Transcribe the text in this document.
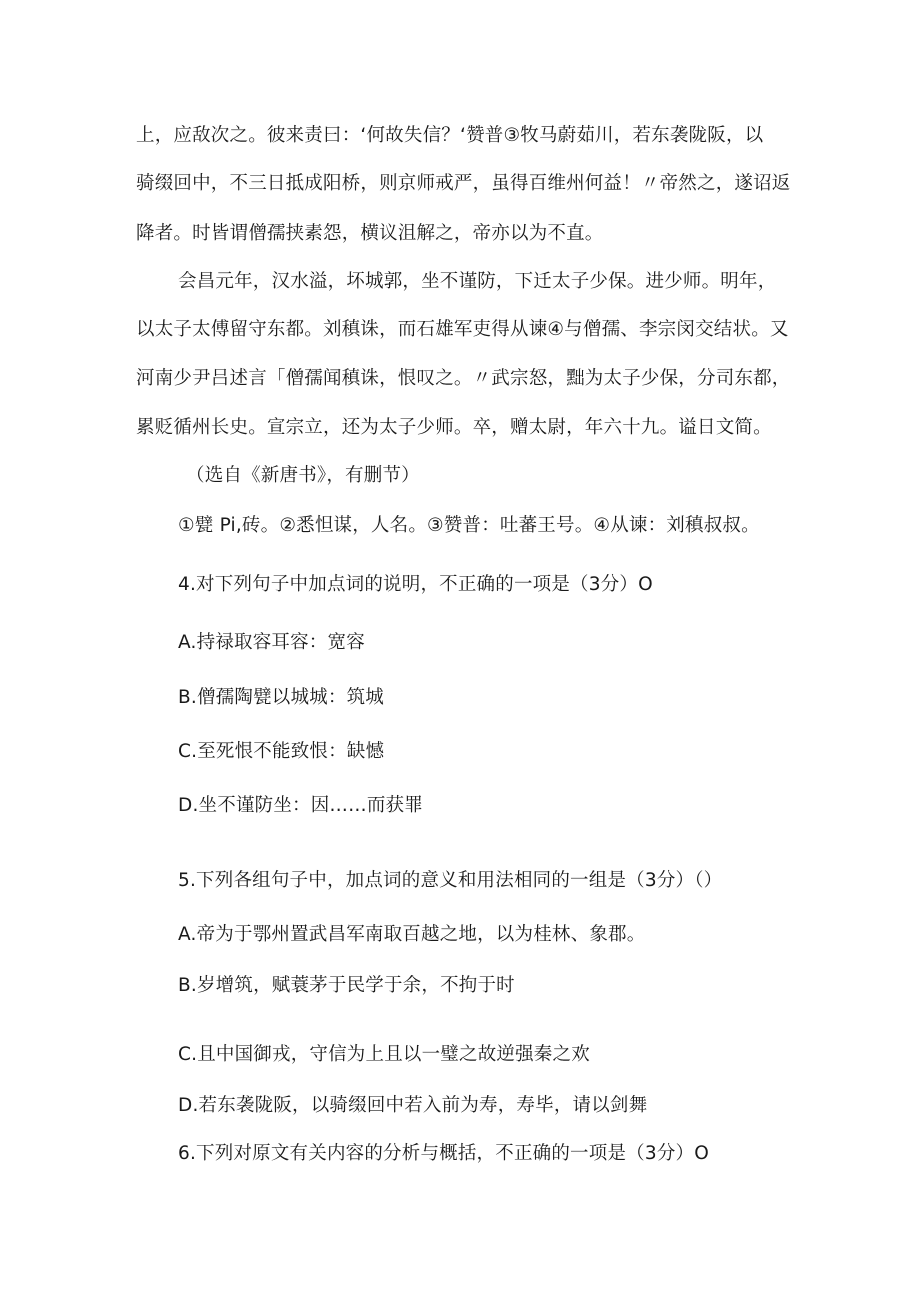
上，应敌次之。彼来责曰：‘何故失信？‘赞普③牧马蔚茹川，若东袭陇阪，以
骑缀回中，不三日抵成阳桥，则京师戒严，虽得百维州何益！〃帝然之，遂诏返
降者。时皆谓僧孺挟素怨，横议沮解之，帝亦以为不直。
会昌元年，汉水溢，坏城郭，坐不谨防，下迁太子少保。进少师。明年，
以太子太傅留守东都。刘稹诛，而石雄军吏得从谏④与僧孺、李宗闵交结状。又
河南少尹吕述言「僧孺闻稹诛，恨叹之。〃武宗怒，黜为太子少保，分司东都，
累贬循州长史。宣宗立，还为太子少师。卒，赠太尉，年六十九。谥日文简。
（选自《新唐书》，有删节）
①甓 Pi,砖。②悉怛谋，人名。③赞普：吐蕃王号。④从谏：刘稹叔叔。
4.对下列句子中加点词的说明，不正确的一项是（3分）O
A.持禄取容耳容：宽容
B.僧孺陶甓以城城：筑城
C.至死恨不能致恨：缺憾
D.坐不谨防坐：因……而获罪
5.下列各组句子中，加点词的意义和用法相同的一组是（3分）（）
A.帝为于鄂州置武昌军南取百越之地，以为桂林、象郡。
B.岁增筑，赋蓑茅于民学于余，不拘于时
C.且中国御戎，守信为上且以一璧之故逆强秦之欢
D.若东袭陇阪，以骑缀回中若入前为寿，寿毕，请以剑舞
6.下列对原文有关内容的分析与概括，不正确的一项是（3分）O
